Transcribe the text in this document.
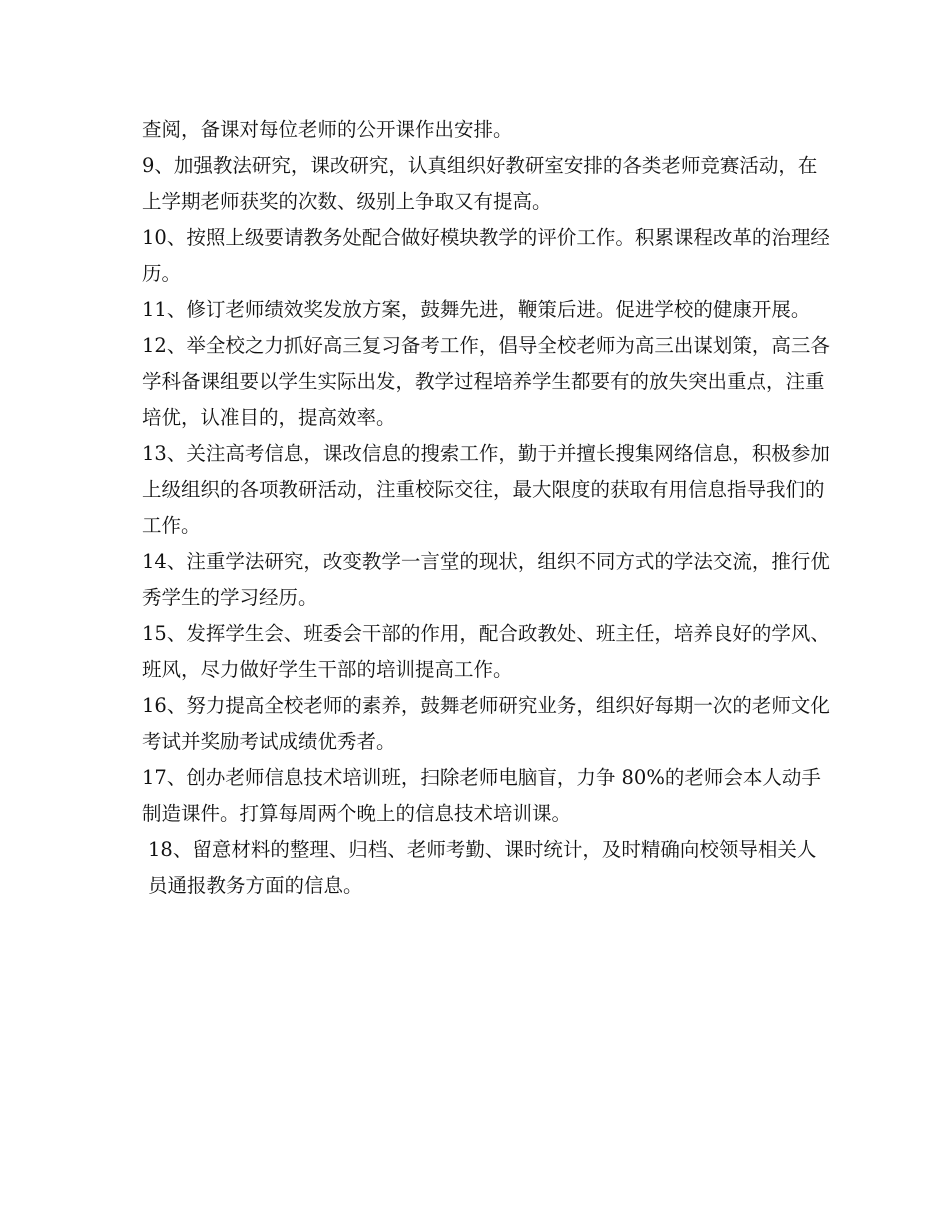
查阅，备课对每位老师的公开课作出安排。

9、加强教法研究，课改研究，认真组织好教研室安排的各类老师竞赛活动，在上学期老师获奖的次数、级别上争取又有提高。

10、按照上级要请教务处配合做好模块教学的评价工作。积累课程改革的治理经历。

11、修订老师绩效奖发放方案，鼓舞先进，鞭策后进。促进学校的健康开展。

12、举全校之力抓好高三复习备考工作，倡导全校老师为高三出谋划策，高三各学科备课组要以学生实际出发，教学过程培养学生都要有的放失突出重点，注重培优，认准目的，提高效率。

13、关注高考信息，课改信息的搜索工作，勤于并擅长搜集网络信息，积极参加上级组织的各项教研活动，注重校际交往，最大限度的获取有用信息指导我们的工作。

14、注重学法研究，改变教学一言堂的现状，组织不同方式的学法交流，推行优秀学生的学习经历。

15、发挥学生会、班委会干部的作用，配合政教处、班主任，培养良好的学风、班风，尽力做好学生干部的培训提高工作。

16、努力提高全校老师的素养，鼓舞老师研究业务，组织好每期一次的老师文化考试并奖励考试成绩优秀者。

17、创办老师信息技术培训班，扫除老师电脑盲，力争 80%的老师会本人动手制造课件。打算每周两个晚上的信息技术培训课。

18、留意材料的整理、归档、老师考勤、课时统计，及时精确向校领导相关人员通报教务方面的信息。
